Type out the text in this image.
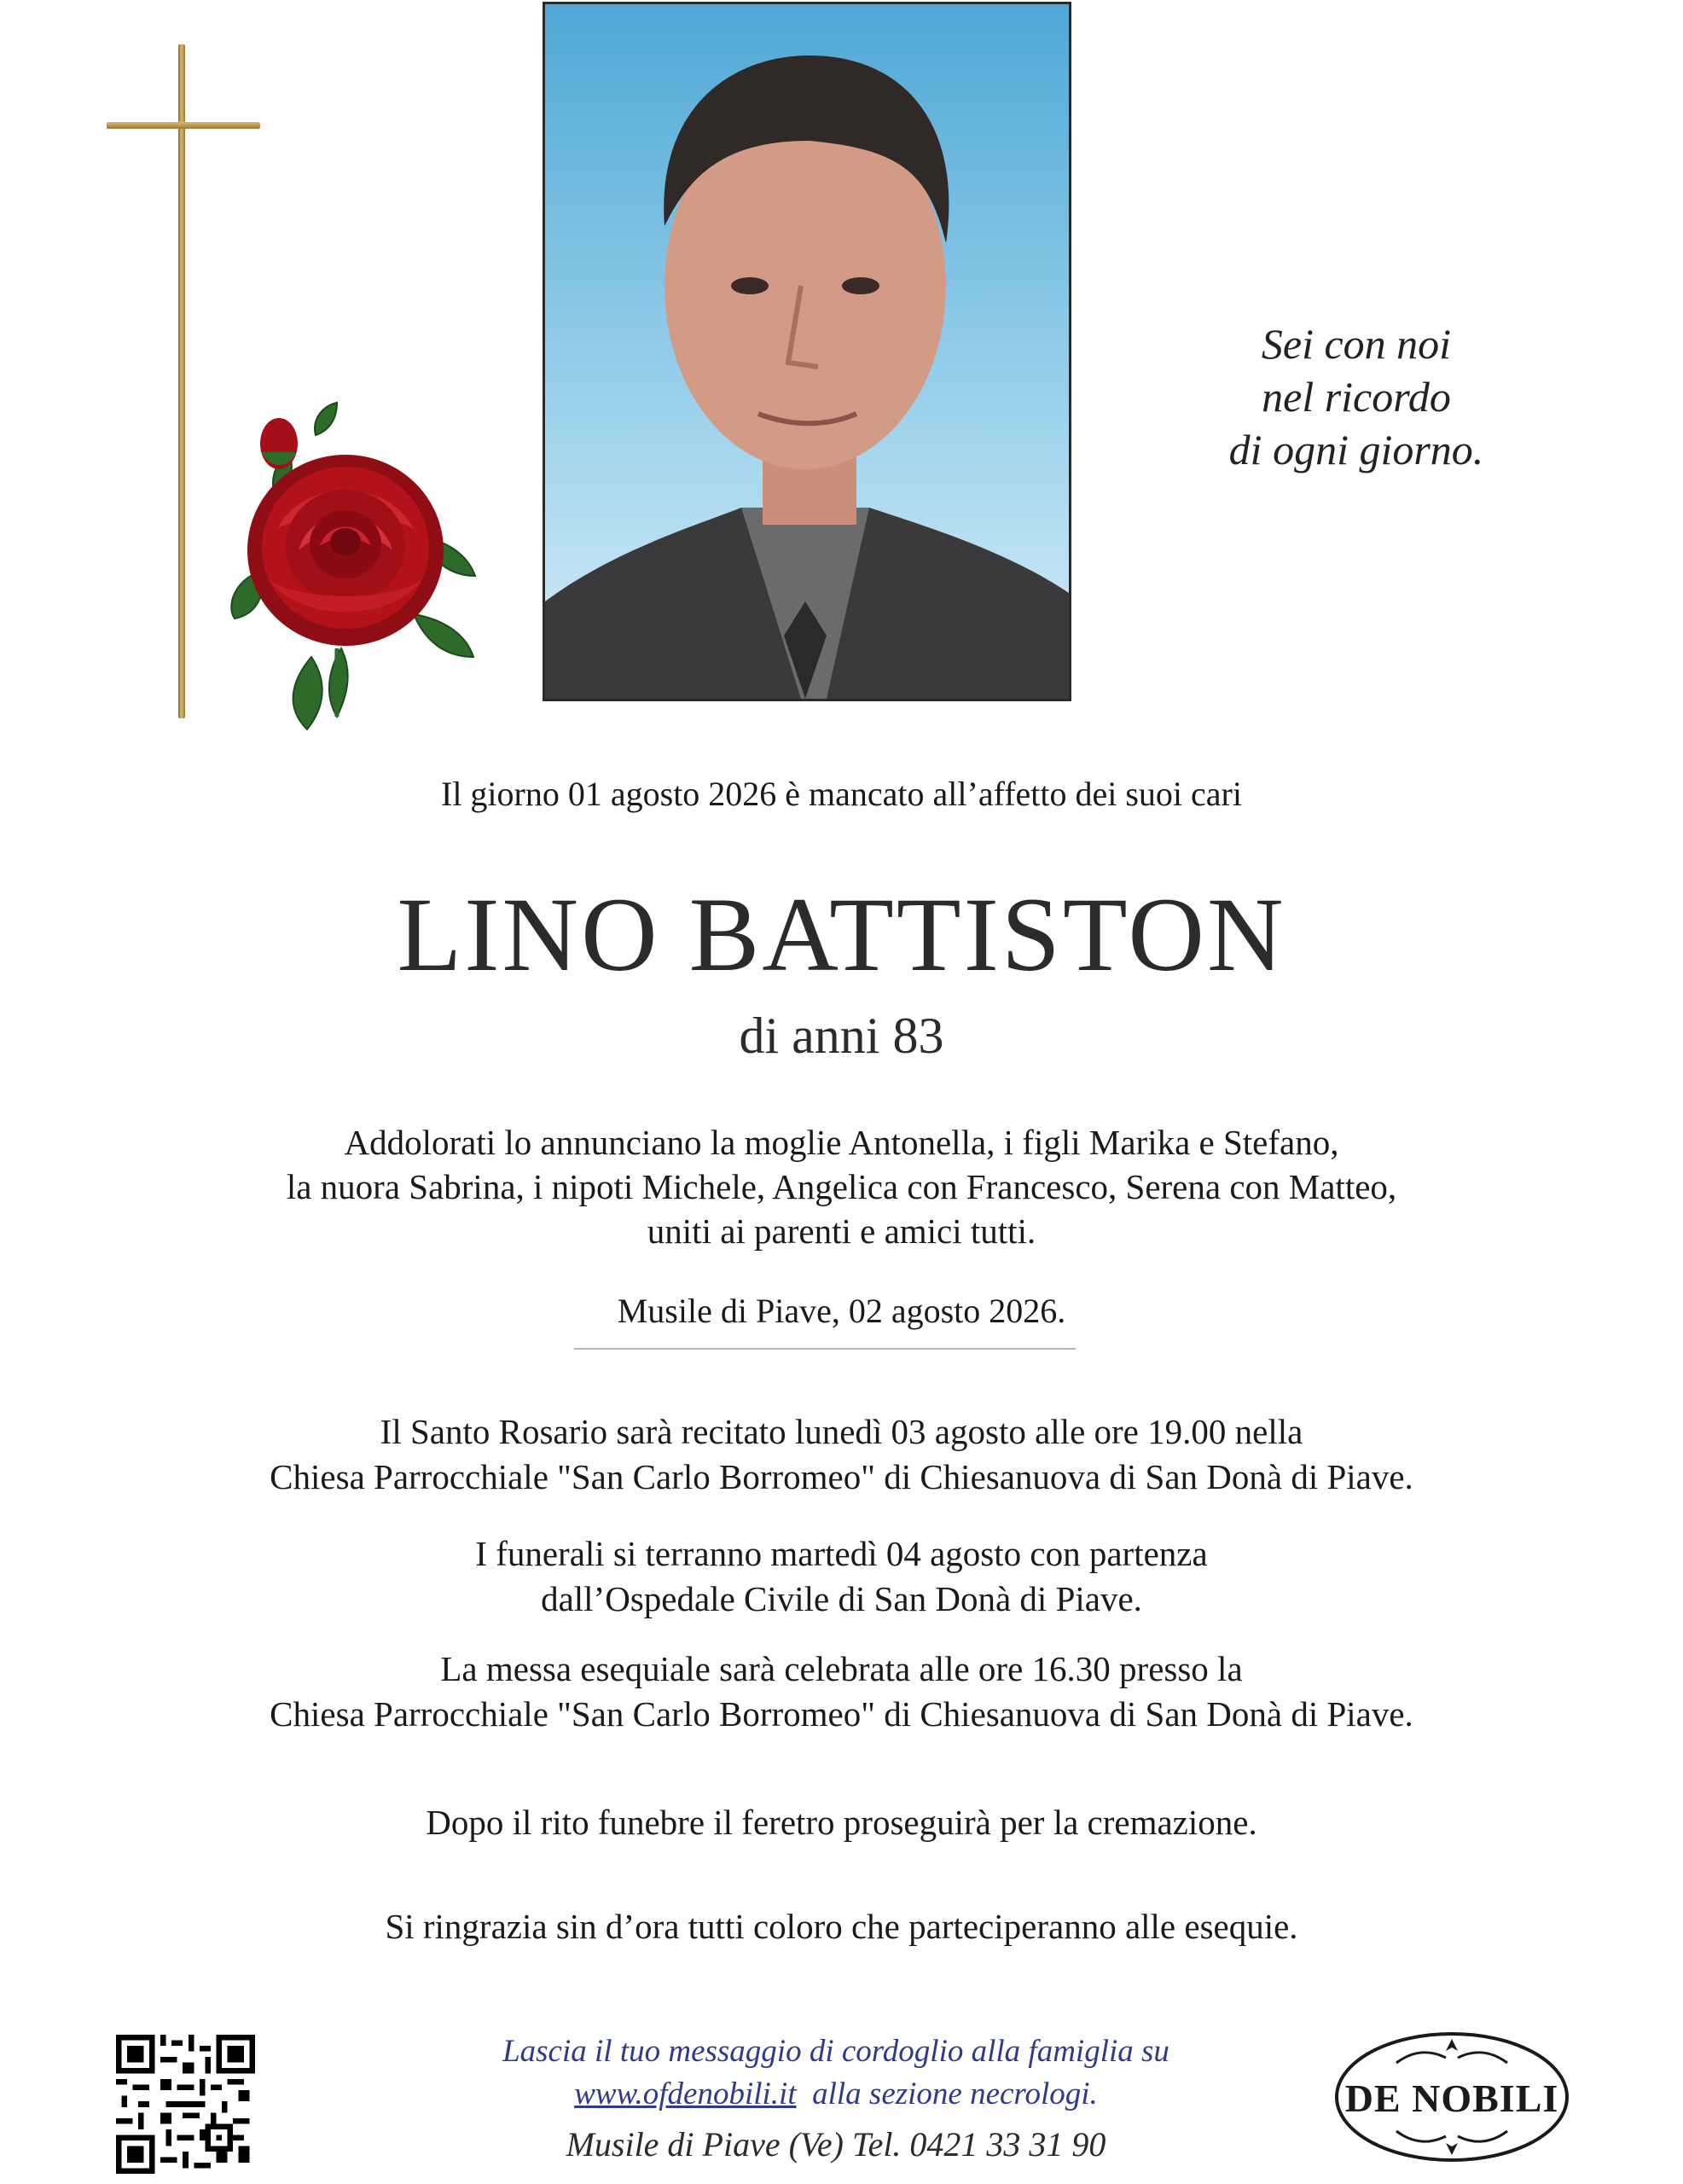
Sei con noi
nel ricordo
di ogni giorno.
Il giorno 01 agosto 2026 è mancato all’affetto dei suoi cari
LINO BATTISTON
di anni 83
Addolorati lo annunciano la moglie Antonella, i figli Marika e Stefano,
la nuora Sabrina, i nipoti Michele, Angelica con Francesco, Serena con Matteo,
uniti ai parenti e amici tutti.
Musile di Piave, 02 agosto 2026.
Il Santo Rosario sarà recitato lunedì 03 agosto alle ore 19.00 nella
Chiesa Parrocchiale "San Carlo Borromeo" di Chiesanuova di San Donà di Piave.
I funerali si terranno martedì 04 agosto con partenza
dall’Ospedale Civile di San Donà di Piave.
La messa esequiale sarà celebrata alle ore 16.30 presso la
Chiesa Parrocchiale "San Carlo Borromeo" di Chiesanuova di San Donà di Piave.
Dopo il rito funebre il feretro proseguirà per la cremazione.
Si ringrazia sin d’ora tutti coloro che parteciperanno alle esequie.
Lascia il tuo messaggio di cordoglio alla famiglia su
www.ofdenobili.it alla sezione necrologi.
Musile di Piave (Ve) Tel. 0421 33 31 90
DE NOBILI
